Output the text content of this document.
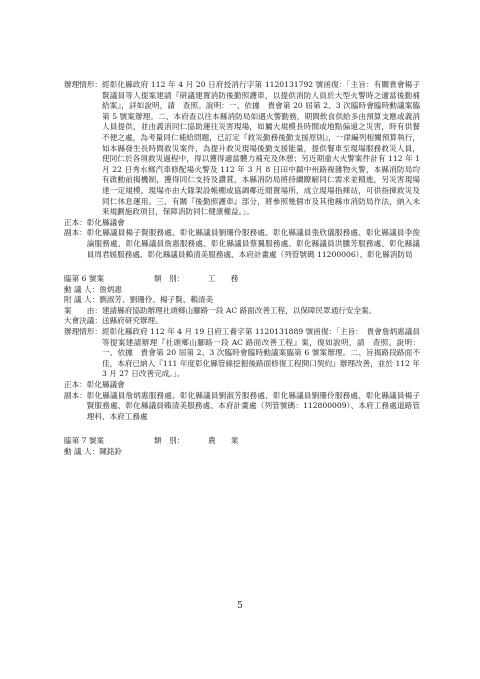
辦理情形： 經彰化縣政府 112 年 4 月 20 日府授消行字第 1120131792 號函復：「主旨：有關貴會楊子賢議員等人提案建請『研議建置消防後勤照護車，以提供消防人員於大型火警時之適當後勤補給案』，詳如說明，請　查照。說明：一、依據　貴會第 20 屆第 2、3 次臨時會臨時動議案臨第 5 號案辦理。二、本府查以往本縣消防局如遇火警勤務，期間飲食供給多由預算支應或義消人員提供，並由義消同仁協助運往災害現場，如屬大規模長時間或地點偏遠之災害，時有供餐不便之處，為考量同仁補給問題，已訂定『救災勤務後勤支援原則』，一律編列相關預算執行，如本縣發生長時間救災案件，為提升救災現場後勤支援能量，提供餐車至現場服務救災人員，使同仁於各項救災過程中，得以獲得適當體力補充及休憩；另近期重大火警案件計有 112 年 1 月 22 日秀水鄉汽車修配場火警及 112 年 3 月 8 日田中鎮中州路複雜物火警，本縣消防局均有啟動前揭機制，獲得同仁支持及讚賞，本縣消防局將持續瞭解同仁需求並精進，另災害現場達一定規模，現場亦由大隊架設帳棚或協調鄰近閒置場所，成立現場指揮站，可供指揮救災及同仁休息運用。三、有關『後勤照護車』部分，將參照幾個市及其他縣市消防局作法，納入未來規劃施政項目，保障消防同仁健康權益。」。
正本： 彰化縣議會
副本： 彰化縣議員楊子賢服務處、彰化縣議員劉珊伶服務處、彰化縣議員張欣儀服務處、彰化縣議員李俊論服務處、彰化縣議員詹惠服務處、彰化縣議員蔡翼服務處、彰化縣議員洪騰芳服務處、彰化縣議員周君媛服務處、彰化縣議員賴清美服務處、本府計畫處（列管號碼 11200006）、彰化縣消防局
臨第 6 號案	類　別：	工　　務
動 議 人： 詹炳惠
附 議 人： 劉淑芳、劉珊伶、楊子賢、賴清美
案　　由： 建請縣府協助辦理社頭鄉山腳路一段 AC 路面改善工程，以保障民眾通行安全案。
大會決議： 送縣府研究辦理。
辦理情形： 經彰化縣政府 112 年 4 月 19 日府工養字第 1120131889 號函復：「主旨：　貴會詹炳惠議員等提案建請辦理『社頭鄉山腳路一段 AC 路面改善工程』案，復如說明，請　查照。說明：一、依據　貴會第 20 屆第 2、3 次臨時會臨時動議案臨第 6 號案辦理。二、旨揭路段路面不佳，本府已納入『111 年度彰化縣管線挖掘後路面修復工程開口契約』辦理改善，並於 112 年 3 月 27 日改善完成。」。
正本： 彰化縣議會
副本： 彰化縣議員詹炳惠服務處、彰化縣議員劉淑芳服務處、彰化縣議員劉珊伶服務處、彰化縣議員楊子賢服務處、彰化縣議員賴清美服務處、本府計畫處（列管號碼：112800009）、本府工務處道路管理科、本府工務處
臨第 7 號案	類　別：	農　　業
動 議 人： 陳銘鈴
5
